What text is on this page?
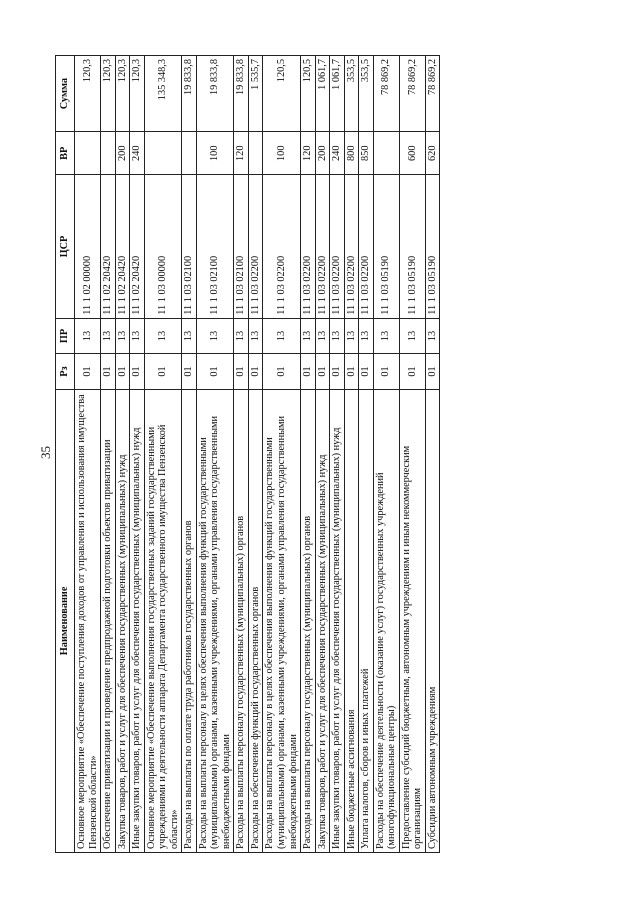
35
Наименование	Рз	ПР	ЦСР	ВР	Сумма
Основное мероприятие «Обеспечение поступления доходов от управления и использования имущества Пензенской области»	01	13	11 1 02 00000		120,3
Обеспечение приватизации и проведение предпродажной подготовки объектов приватизации	01	13	11 1 02 20420		120,3
Закупка товаров, работ и услуг для обеспечения государственных (муниципальных) нужд	01	13	11 1 02 20420	200	120,3
Иные закупки товаров, работ и услуг для обеспечения государственных (муниципальных) нужд	01	13	11 1 02 20420	240	120,3
Основное мероприятие «Обеспечение выполнения государственных заданий государственными учреждениями и деятельности аппарата Департамента государственного имущества Пензенской области»	01	13	11 1 03 00000		135 348,3
Расходы на выплаты по оплате труда работников государственных органов	01	13	11 1 03 02100		19 833,8
Расходы на выплаты персоналу в целях обеспечения выполнения функций государственными (муниципальными) органами, казенными учреждениями, органами управления государственными внебюджетными фондами	01	13	11 1 03 02100	100	19 833,8
Расходы на выплаты персоналу государственных (муниципальных) органов	01	13	11 1 03 02100	120	19 833,8
Расходы на обеспечение функций государственных органов	01	13	11 1 03 02200		1 535,7
Расходы на выплаты персоналу в целях обеспечения выполнения функций государственными (муниципальными) органами, казенными учреждениями, органами управления государственными внебюджетными фондами	01	13	11 1 03 02200	100	120,5
Расходы на выплаты персоналу государственных (муниципальных) органов	01	13	11 1 03 02200	120	120,5
Закупка товаров, работ и услуг для обеспечения государственных (муниципальных) нужд	01	13	11 1 03 02200	200	1 061,7
Иные закупки товаров, работ и услуг для обеспечения государственных (муниципальных) нужд	01	13	11 1 03 02200	240	1 061,7
Иные бюджетные ассигнования	01	13	11 1 03 02200	800	353,5
Уплата налогов, сборов и иных платежей	01	13	11 1 03 02200	850	353,5
Расходы на обеспечение деятельности (оказание услуг) государственных учреждений (многофункциональные центры)	01	13	11 1 03 05190		78 869,2
Предоставление субсидий бюджетным, автономным учреждениям и иным некоммерческим организациям	01	13	11 1 03 05190	600	78 869,2
Субсидии автономным учреждениям	01	13	11 1 03 05190	620	78 869,2
